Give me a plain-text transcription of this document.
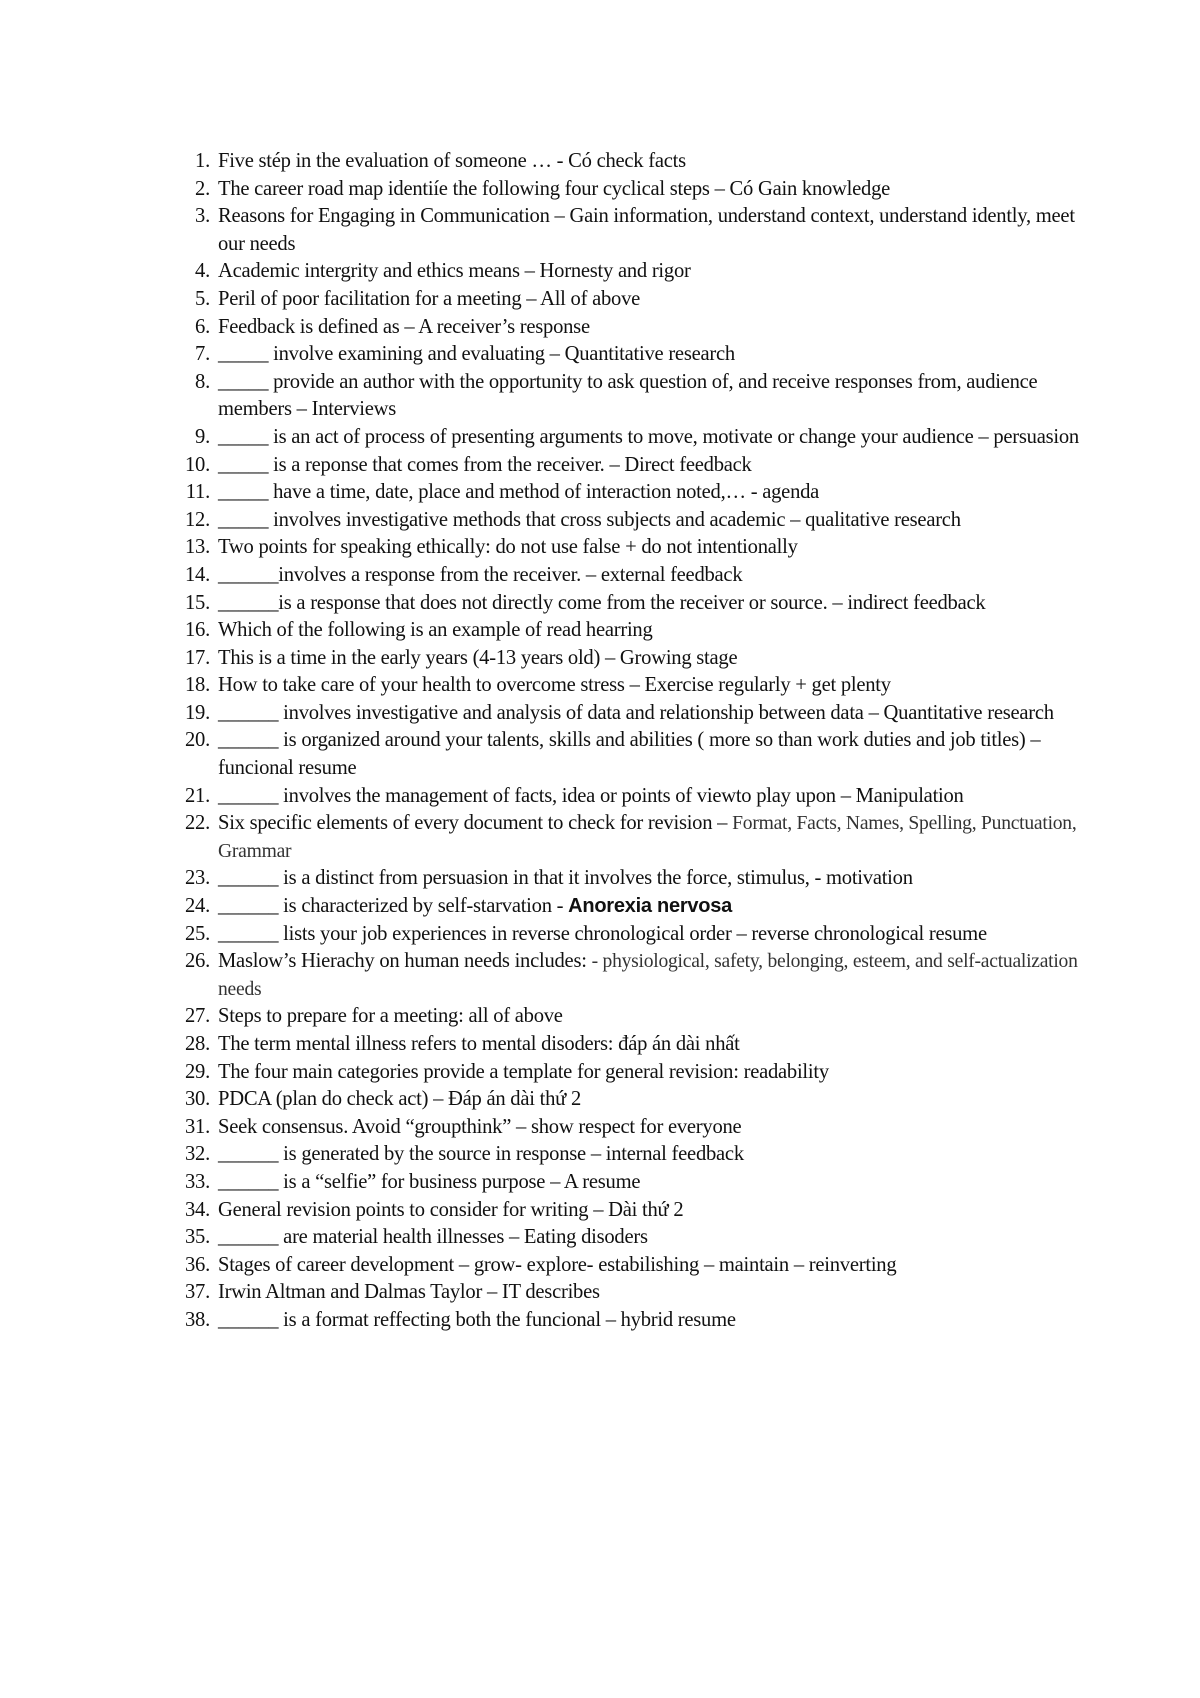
1 . Five stép in the evaluation of someone … - Có check facts
2 . The career road map identiíe the following four cyclical steps – Có Gain knowledge
3 . Reasons for Engaging in Communication – Gain information, understand context, understand idently, meet our needs
4 . Academic intergrity and ethics means – Hornesty and rigor
5 . Peril of poor facilitation for a meeting – All of above
6 . Feedback is defined as – A receiver’s response
7 . _____ involve examining and evaluating – Quantitative research
8 . _____ provide an author with the opportunity to ask question of, and receive responses from, audience members – Interviews
9 . _____ is an act of process of presenting arguments to move, motivate or change your audience – persuasion
10 . _____ is a reponse that comes from the receiver. – Direct feedback
11 . _____ have a time, date, place and method of interaction noted,… - agenda
12 . _____ involves investigative methods that cross subjects and academic – qualitative research
13 . Two points for speaking ethically: do not use false + do not intentionally
14 . ______involves a response from the receiver. – external feedback
15 . ______is a response that does not directly come from the receiver or source. – indirect feedback
16 . Which of the following is an example of read hearring
17 . This is a time in the early years (4-13 years old) – Growing stage
18 . How to take care of your health to overcome stress – Exercise regularly + get plenty
19 . ______ involves investigative and analysis of data and relationship between data – Quantitative research
20 . ______ is organized around your talents, skills and abilities ( more so than work duties and job titles) – funcional resume
21 . ______ involves the management of facts, idea or points of viewto play upon – Manipulation
22 . Six specific elements of every document to check for revision – Format, Facts, Names, Spelling, Punctuation, Grammar
23 . ______ is a distinct from persuasion in that it involves the force, stimulus, - motivation
24 . ______ is characterized by self-starvation - Anorexia nervosa
25 . ______ lists your job experiences in reverse chronological order – reverse chronological resume
26 . Maslow’s Hierachy on human needs includes: - physiological, safety, belonging, esteem, and self-actualization needs
27 . Steps to prepare for a meeting: all of above
28 . The term mental illness refers to mental disoders: đáp án dài nhất
29 . The four main categories provide a template for general revision: readability
30 . PDCA (plan do check act) – Đáp án dài thứ 2
31 . Seek consensus. Avoid “groupthink” – show respect for everyone
32 . ______ is generated by the source in response – internal feedback
33 . ______ is a “selfie” for business purpose – A resume
34 . General revision points to consider for writing – Dài thứ 2
35 . ______ are material health illnesses – Eating disoders
36 . Stages of career development – grow- explore- estabilishing – maintain – reinverting
37 . Irwin Altman and Dalmas Taylor – IT describes
38 . ______ is a format reffecting both the funcional – hybrid resume
